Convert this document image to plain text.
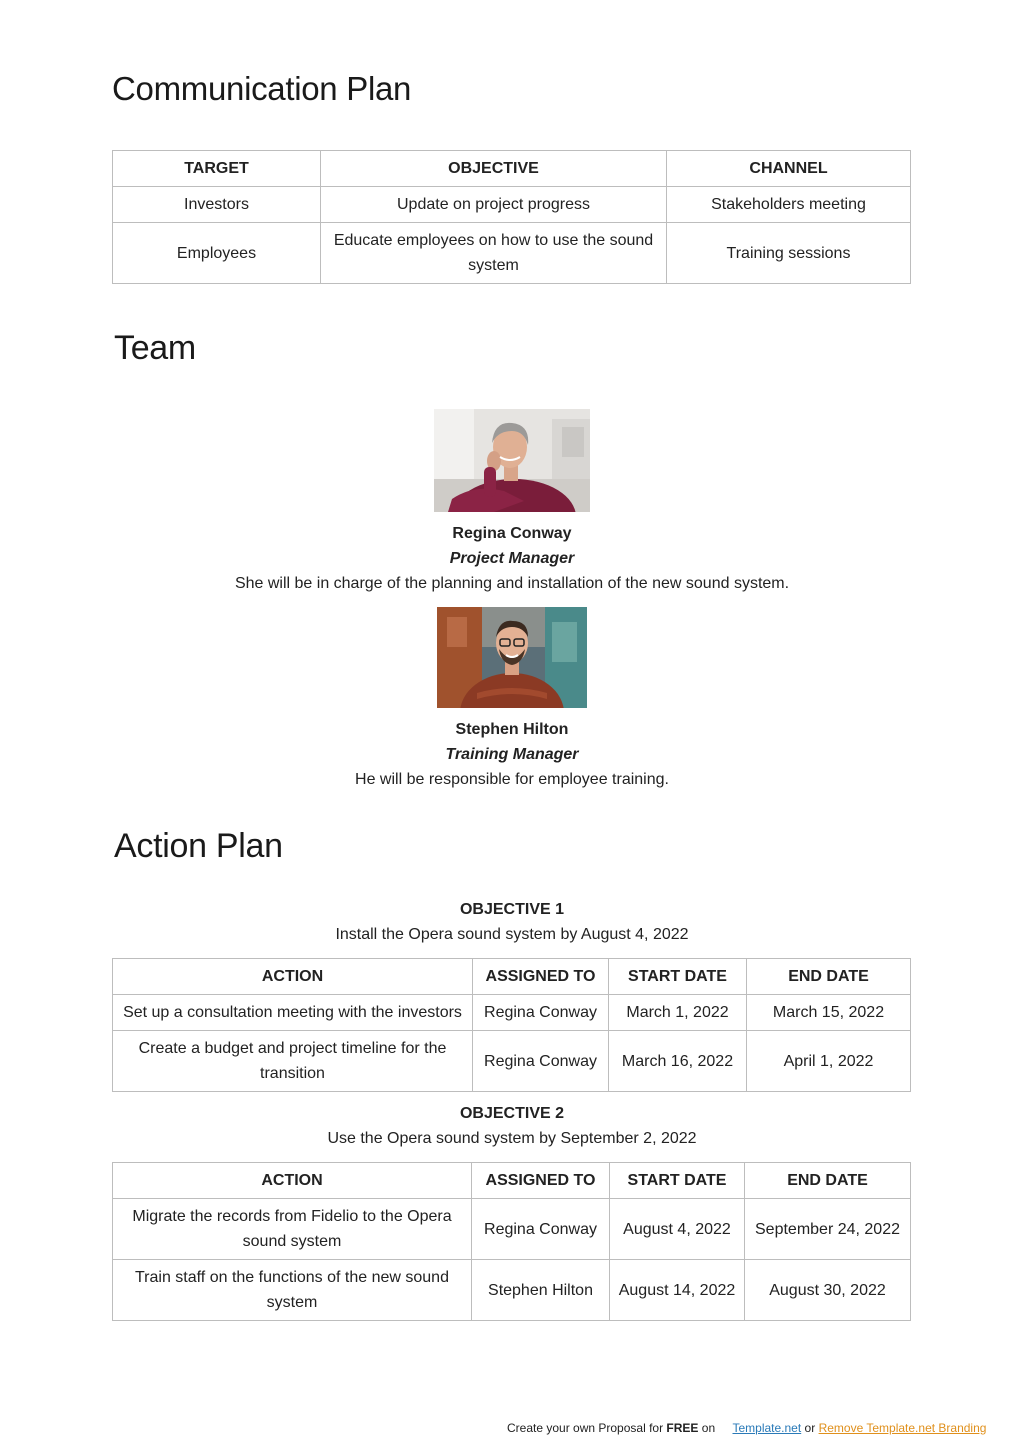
Communication Plan
TARGET	OBJECTIVE	CHANNEL
Investors	Update on project progress	Stakeholders meeting
Employees	Educate employees on how to use the sound system	Training sessions
Team
Regina Conway
Project Manager
She will be in charge of the planning and installation of the new sound system.
Stephen Hilton
Training Manager
He will be responsible for employee training.
Action Plan
OBJECTIVE 1
Install the Opera sound system by August 4, 2022
ACTION	ASSIGNED TO	START DATE	END DATE
Set up a consultation meeting with the investors	Regina Conway	March 1, 2022	March 15, 2022
Create a budget and project timeline for the transition	Regina Conway	March 16, 2022	April 1, 2022
OBJECTIVE 2
Use the Opera sound system by September 2, 2022
ACTION	ASSIGNED TO	START DATE	END DATE
Migrate the records from Fidelio to the Opera sound system	Regina Conway	August 4, 2022	September 24, 2022
Train staff on the functions of the new sound system	Stephen Hilton	August 14, 2022	August 30, 2022
Create your own Proposal for FREE on Template.net or Remove Template.net Branding
